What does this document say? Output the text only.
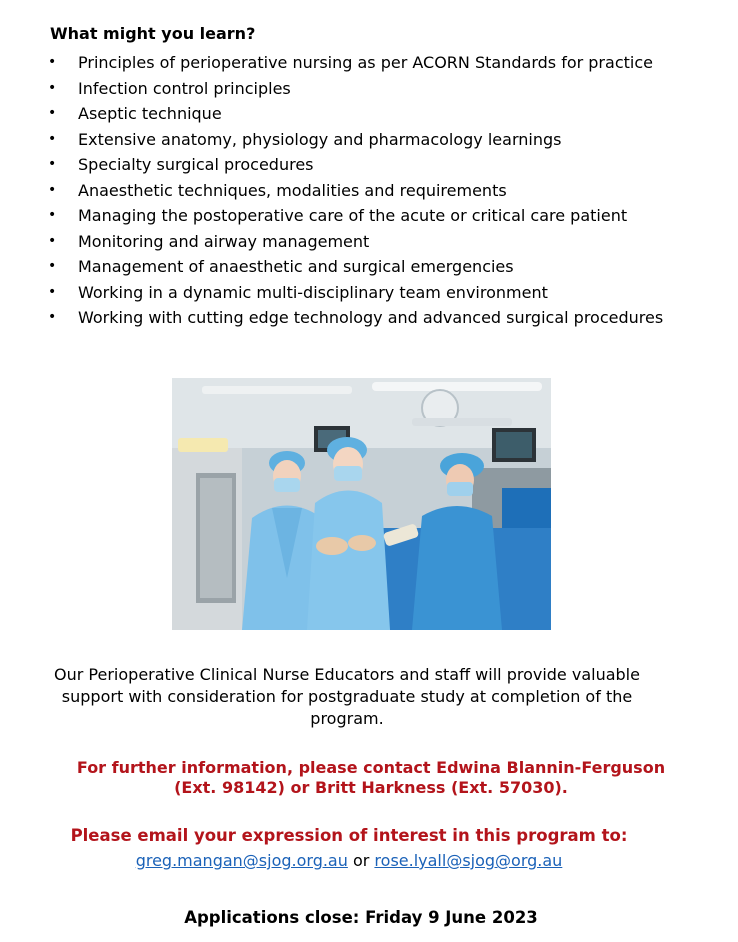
What might you learn?
• Principles of perioperative nursing as per ACORN Standards for practice
• Infection control principles
• Aseptic technique
• Extensive anatomy, physiology and pharmacology learnings
• Specialty surgical procedures
• Anaesthetic techniques, modalities and requirements
• Managing the postoperative care of the acute or critical care patient
• Monitoring and airway management
• Management of anaesthetic and surgical emergencies
• Working in a dynamic multi-disciplinary team environment
• Working with cutting edge technology and advanced surgical procedures
Our Perioperative Clinical Nurse Educators and staff will provide valuable
support with consideration for postgraduate study at completion of the
program.
For further information, please contact Edwina Blannin-Ferguson
(Ext. 98142) or Britt Harkness (Ext. 57030).
Please email your expression of interest in this program to:
greg.mangan@sjog.org.au or rose.lyall@sjog@org.au
Applications close: Friday 9 June 2023
